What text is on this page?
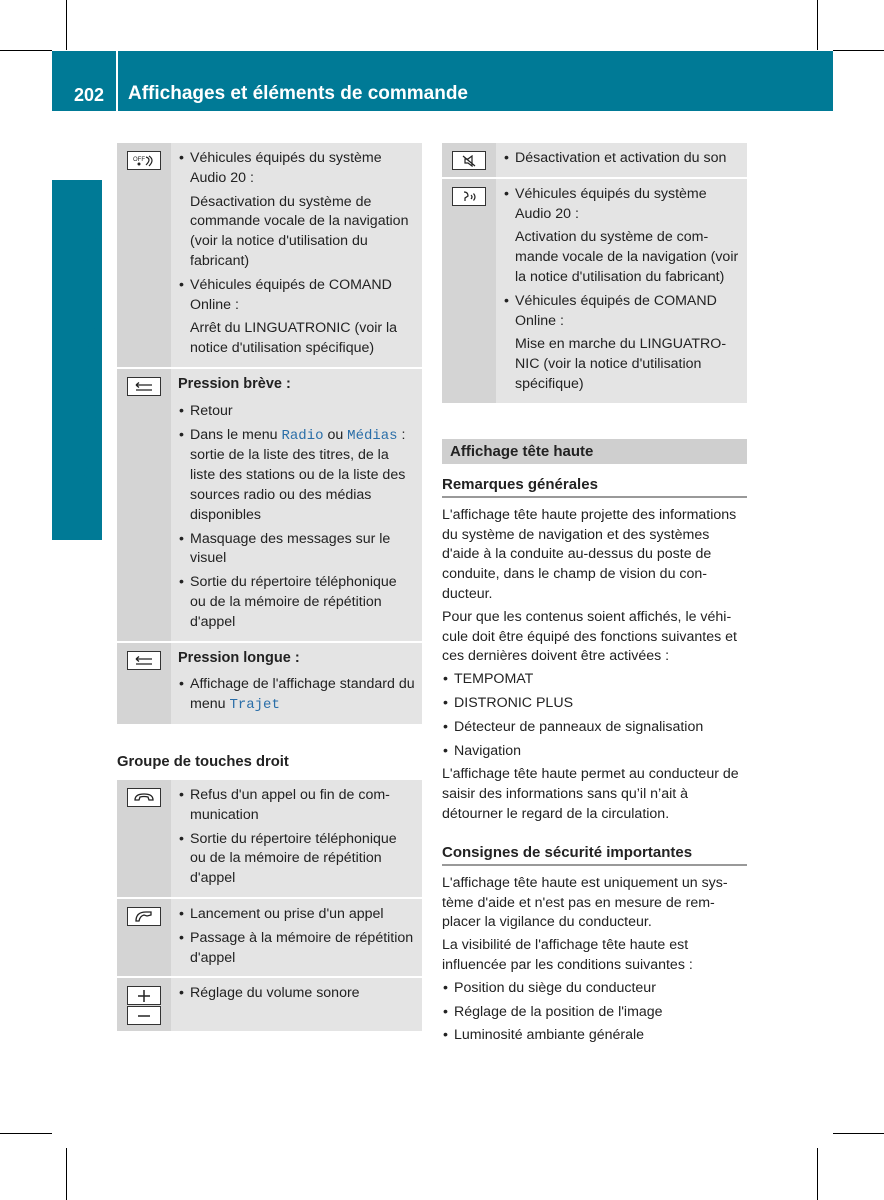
202 Affichages et éléments de commande
Ordinateur de bord et affich.
OFF
•	Véhicules équipés du système Audio 20 :
Désactivation du système de commande vocale de la navigation (voir la notice d'utilisation du fabricant)
• Véhicules équipés de COMAND Online :
Arrêt du LINGUATRONIC (voir la notice d'utilisation spécifique)
Pression brève :
• Retour
• Dans le menu Radio ou Médias : sortie de la liste des titres, de la liste des stations ou de la liste des sources radio ou des médias disponibles
• Masquage des messages sur le visuel
• Sortie du répertoire téléphonique ou de la mémoire de répétition d'appel
Pression longue :
• Affichage de l'affichage standard du menu Trajet
Groupe de touches droit
• Refus d'un appel ou fin de communication
• Sortie du répertoire téléphonique ou de la mémoire de répétition d'appel
• Lancement ou prise d'un appel
• Passage à la mémoire de répétition d'appel
• Réglage du volume sonore
• Désactivation et activation du son
• Véhicules équipés du système Audio 20 :
Activation du système de commande vocale de la navigation (voir la notice d'utilisation du fabricant)
• Véhicules équipés de COMAND Online :
Mise en marche du LINGUATRONIC (voir la notice d'utilisation spécifique)
Affichage tête haute
Remarques générales
L'affichage tête haute projette des informations du système de navigation et des systèmes d'aide à la conduite au-dessus du poste de conduite, dans le champ de vision du conducteur.
Pour que les contenus soient affichés, le véhicule doit être équipé des fonctions suivantes et ces dernières doivent être activées :
• TEMPOMAT
• DISTRONIC PLUS
• Détecteur de panneaux de signalisation
• Navigation
L'affichage tête haute permet au conducteur de saisir des informations sans qu’il n’ait à détourner le regard de la circulation.
Consignes de sécurité importantes
L'affichage tête haute est uniquement un système d'aide et n'est pas en mesure de remplacer la vigilance du conducteur.
La visibilité de l'affichage tête haute est influencée par les conditions suivantes :
• Position du siège du conducteur
• Réglage de la position de l'image
• Luminosité ambiante générale
